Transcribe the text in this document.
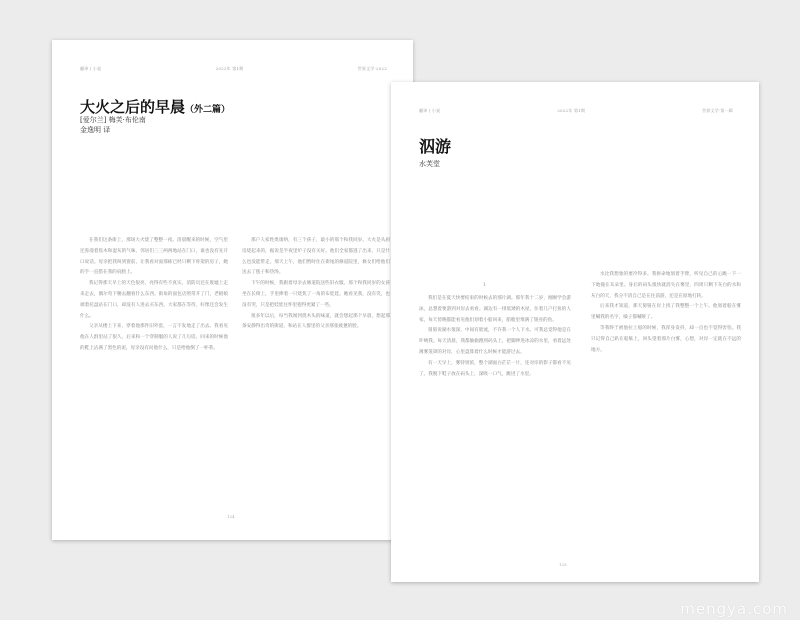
翻译 | 小说	2022年 第1期	世界文学·2022
大火之后的早晨（外二篇）
[爱尔兰] 梅芙·布伦南
金逸明 译

在我们这条街上，那场大火烧了整整一夜。清晨醒来的时候，空气里还弥漫着焦木和湿灰的气味，邻居们三三两两地站在门口，谁也没有先开口说话。母亲把我叫到窗前，让我看对面那栋已经只剩下骨架的房子，她的手一直搭在我的肩膀上。

我记得那天早上的天色很亮，亮得有些不真实。消防员还在废墟上走来走去，偶尔弯下腰去翻看什么东西。街角的面包店照常开了门，老板娘端着托盘站在门口，却没有人进去买东西。大家都在等待，好像还会发生什么。

父亲从楼上下来，穿着他那件旧外套，一言不发地走了出去。我看见他在人群里站了很久，后来和一个穿制服的人说了几句话。回来的时候他的鞋上沾满了黑色的泥，母亲没有问他什么，只是给他倒了一杯茶。

那户人家姓奥康纳，有三个孩子，最小的那个和我同岁。大火是从厨房烧起来的，据说是半夜里炉子没有关好。他们全家都逃了出来，只是什么也没能带走。那天上午，他们暂时住在街尾的修道院里，修女们给他们送去了毯子和热汤。

下午的时候，我跟着母亲去修道院送些旧衣服。那个和我同岁的女孩坐在长椅上，手里捧着一只烧焦了一角的布娃娃。她看见我，没有笑，也没有哭，只是把娃娃往怀里抱得更紧了一些。

很多年以后，每当我闻到烧木头的味道，就会想起那个早晨，想起那条安静得出奇的街道，和站在人群里的父亲那张疲惫的脸。

124
翻译 | 小说	2022年 第1期	世界文学·第一辑
泅游
水芙堂
1

我们是在夏天快要结束的时候去的那片湖。那年我十二岁，刚刚学会游泳，总想着要游到对岸去看看。湖边有一排低矮的木屋，住着几户打鱼的人家，每天傍晚都能看见他们划着小船回来，船舱里堆满了银亮的鱼。

舅舅说湖水很深，中间有暗流，不许我一个人下水。可我总觉得他是在吓唬我。每天清晨，我都偷偷跑到码头上，把脚伸进冰凉的水里，看着远处薄雾笼罩的对岸，心里盘算着什么时候才能游过去。

有一天早上，雾特别浓，整个湖面白茫茫一片，连对岸的影子都看不见了。我脱下鞋子放在码头上，深吸一口气，跳进了水里。

水比我想象的要冷得多。我拼命地划着手臂，听见自己的心跳一下一下地撞在耳朵里。身后的码头很快就消失在雾里，四周只剩下灰白的水和灰白的天，我分不清自己是在往前游，还是在原地打转。

后来我才知道，那天舅舅在岸上找了我整整一个上午。他划着船在雾里喊我的名字，嗓子都喊哑了。

等我终于被他拉上船的时候，我浑身发抖，却一点也不觉得害怕。我只记得自己趴在船舷上，回头望着那片白雾，心想，对岸一定就在不远的地方。

125
mengya.com
